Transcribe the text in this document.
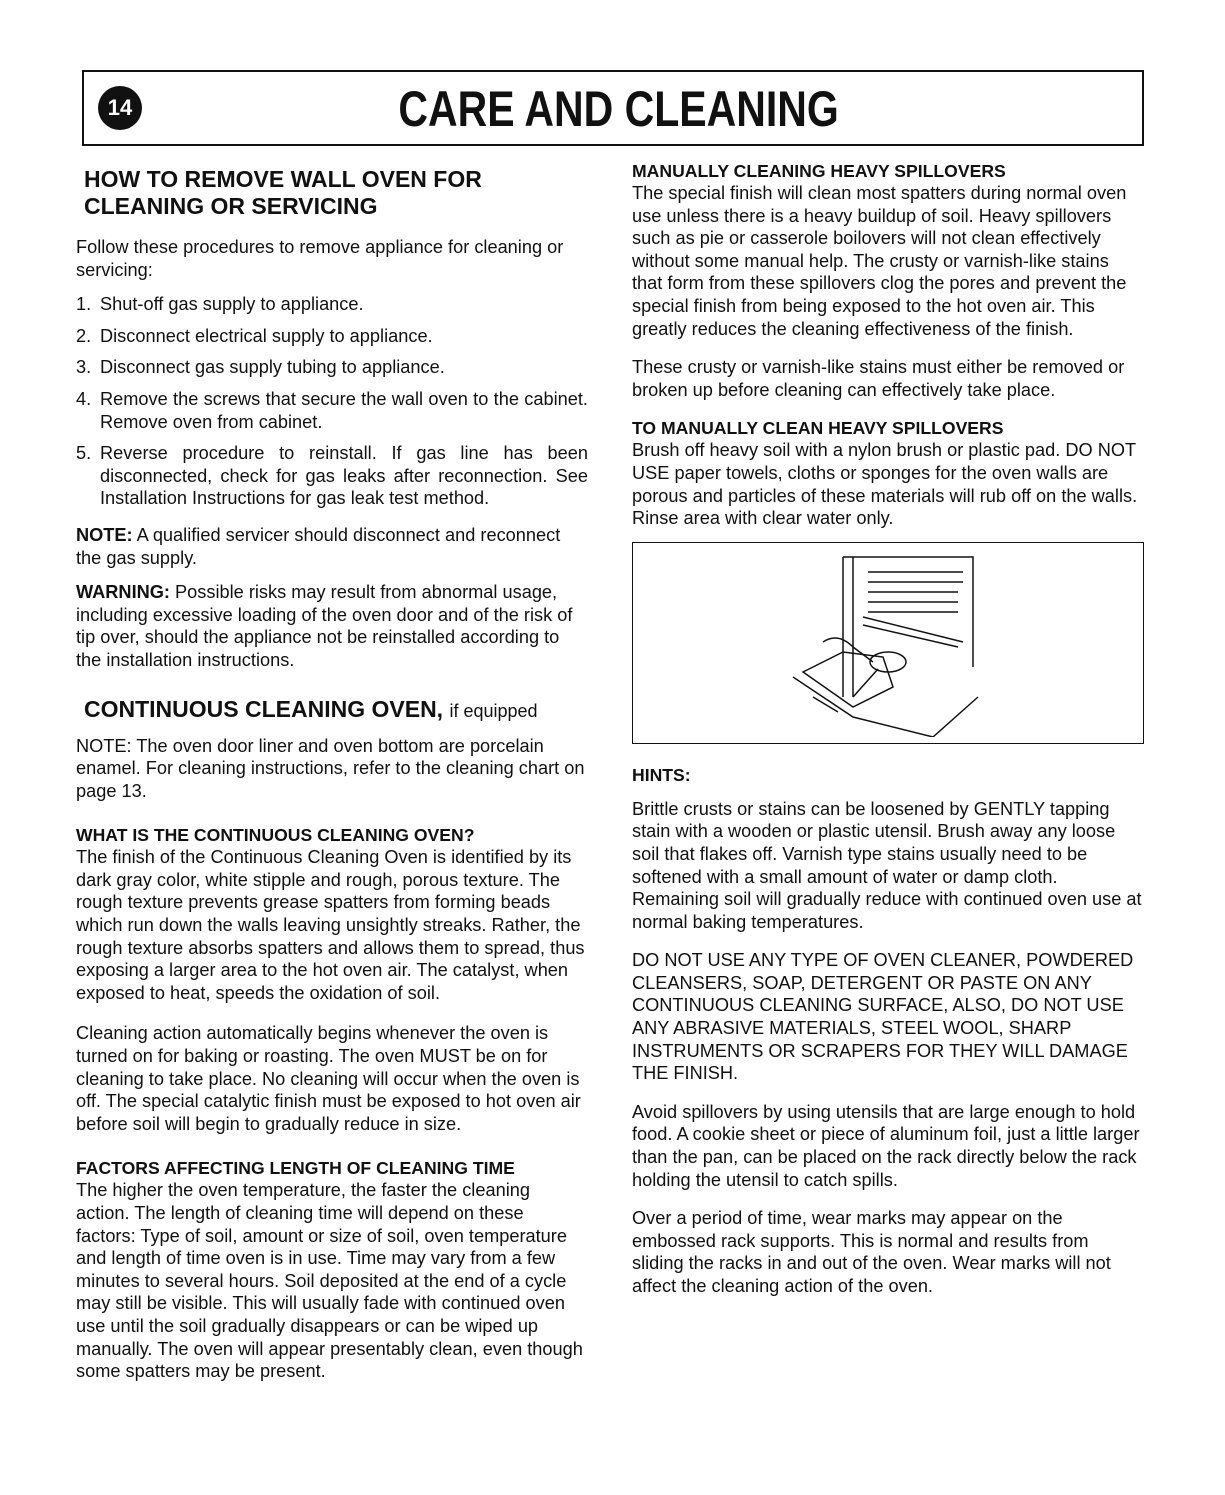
14	CARE AND CLEANING
HOW TO REMOVE WALL OVEN FOR
CLEANING OR SERVICING

Follow these procedures to remove appliance for cleaning or servicing:

1. Shut-off gas supply to appliance.
2. Disconnect electrical supply to appliance.
3. Disconnect gas supply tubing to appliance.
4. Remove the screws that secure the wall oven to the cabinet. Remove oven from cabinet.
5. Reverse procedure to reinstall. If gas line has been disconnected, check for gas leaks after reconnection. See Installation Instructions for gas leak test method.

NOTE: A qualified servicer should disconnect and reconnect the gas supply.

WARNING: Possible risks may result from abnormal usage, including excessive loading of the oven door and of the risk of tip over, should the appliance not be reinstalled according to the installation instructions.

CONTINUOUS CLEANING OVEN, if equipped

NOTE: The oven door liner and oven bottom are porcelain enamel. For cleaning instructions, refer to the cleaning chart on page 13.

WHAT IS THE CONTINUOUS CLEANING OVEN?

The finish of the Continuous Cleaning Oven is identified by its dark gray color, white stipple and rough, porous texture. The rough texture prevents grease spatters from forming beads which run down the walls leaving unsightly streaks. Rather, the rough texture absorbs spatters and allows them to spread, thus exposing a larger area to the hot oven air. The catalyst, when exposed to heat, speeds the oxidation of soil.

Cleaning action automatically begins whenever the oven is turned on for baking or roasting. The oven MUST be on for cleaning to take place. No cleaning will occur when the oven is off. The special catalytic finish must be exposed to hot oven air before soil will begin to gradually reduce in size.

FACTORS AFFECTING LENGTH OF CLEANING TIME

The higher the oven temperature, the faster the cleaning action. The length of cleaning time will depend on these factors: Type of soil, amount or size of soil, oven temperature and length of time oven is in use. Time may vary from a few minutes to several hours. Soil deposited at the end of a cycle may still be visible. This will usually fade with continued oven use until the soil gradually disappears or can be wiped up manually. The oven will appear presentably clean, even though some spatters may be present.

MANUALLY CLEANING HEAVY SPILLOVERS

The special finish will clean most spatters during normal oven use unless there is a heavy buildup of soil. Heavy spillovers such as pie or casserole boilovers will not clean effectively without some manual help. The crusty or varnish-like stains that form from these spillovers clog the pores and prevent the special finish from being exposed to the hot oven air. This greatly reduces the cleaning effectiveness of the finish.

These crusty or varnish-like stains must either be removed or broken up before cleaning can effectively take place.

TO MANUALLY CLEAN HEAVY SPILLOVERS

Brush off heavy soil with a nylon brush or plastic pad. DO NOT USE paper towels, cloths or sponges for the oven walls are porous and particles of these materials will rub off on the walls. Rinse area with clear water only.

HINTS:

Brittle crusts or stains can be loosened by GENTLY tapping stain with a wooden or plastic utensil. Brush away any loose soil that flakes off. Varnish type stains usually need to be softened with a small amount of water or damp cloth. Remaining soil will gradually reduce with continued oven use at normal baking temperatures.

DO NOT USE ANY TYPE OF OVEN CLEANER, POWDERED CLEANSERS, SOAP, DETERGENT OR PASTE ON ANY CONTINUOUS CLEANING SURFACE, ALSO, DO NOT USE ANY ABRASIVE MATERIALS, STEEL WOOL, SHARP INSTRUMENTS OR SCRAPERS FOR THEY WILL DAMAGE THE FINISH.

Avoid spillovers by using utensils that are large enough to hold food. A cookie sheet or piece of aluminum foil, just a little larger than the pan, can be placed on the rack directly below the rack holding the utensil to catch spills.

Over a period of time, wear marks may appear on the embossed rack supports. This is normal and results from sliding the racks in and out of the oven. Wear marks will not affect the cleaning action of the oven.
